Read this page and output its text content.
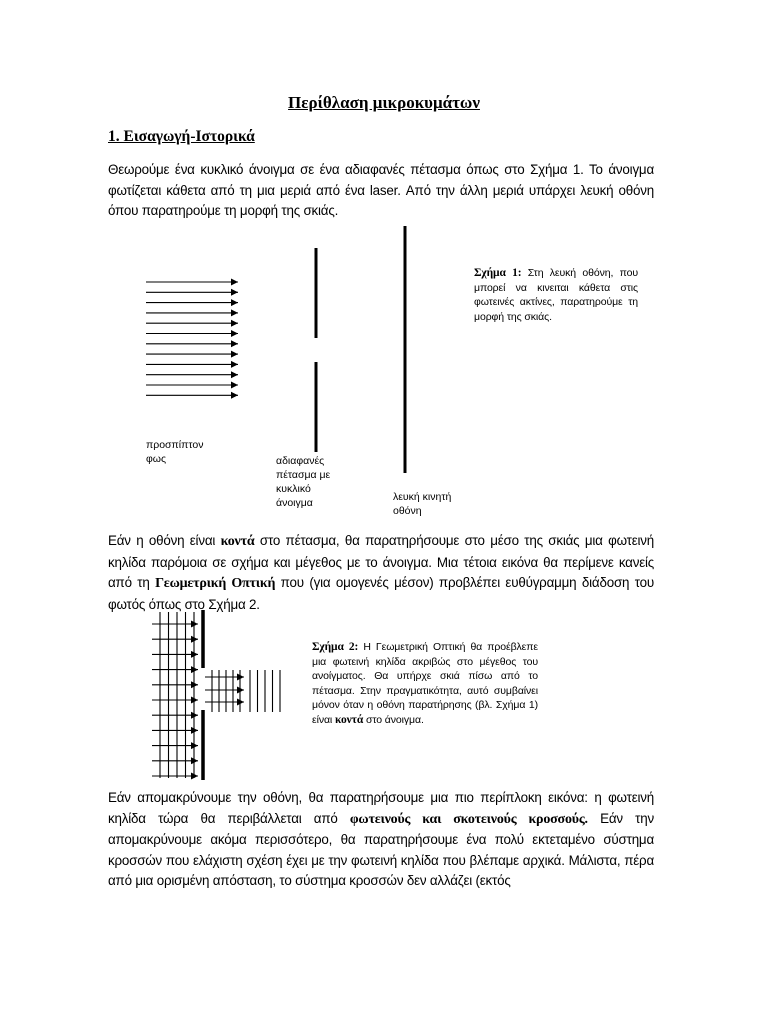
Περίθλαση μικροκυμάτων
1. Εισαγωγή-Ιστορικά
Θεωρούμε ένα κυκλικό άνοιγμα σε ένα αδιαφανές πέτασμα όπως στο Σχήμα 1. Το άνοιγμα φωτίζεται κάθετα από τη μια μεριά από ένα laser. Από την άλλη μεριά υπάρχει λευκή οθόνη όπου παρατηρούμε τη μορφή της σκιάς.
προσπίπτον φως	αδιαφανές πέτασμα με κυκλικό άνοιγμα	λευκή κινητή οθόνη
Σχήμα 1: Στη λευκή οθόνη, που μπορεί να κινειται κάθετα στις φωτεινές ακτίνες, παρατηρούμε τη μορφή της σκιάς.
Εάν η οθόνη είναι κοντά στο πέτασμα, θα παρατηρήσουμε στο μέσο της σκιάς μια φωτεινή κηλίδα παρόμοια σε σχήμα και μέγεθος με το άνοιγμα. Μια τέτοια εικόνα θα περίμενε κανείς από τη Γεωμετρική Οπτική που (για ομογενές μέσον) προβλέπει ευθύγραμμη διάδοση του φωτός όπως στο Σχήμα 2.
Σχήμα 2: Η Γεωμετρική Οπτική θα προέβλεπε μια φωτεινή κηλίδα ακριβώς στο μέγεθος του ανοίγματος. Θα υπήρχε σκιά πίσω από το πέτασμα. Στην πραγματικότητα, αυτό συμβαίνει μόνον όταν η οθόνη παρατήρησης (βλ. Σχήμα 1) είναι κοντά στο άνοιγμα.
Εάν απομακρύνουμε την οθόνη, θα παρατηρήσουμε μια πιο περίπλοκη εικόνα: η φωτεινή κηλίδα τώρα θα περιβάλλεται από φωτεινούς και σκοτεινούς κροσσούς. Εάν την απομακρύνουμε ακόμα περισσότερο, θα παρατηρήσουμε ένα πολύ εκτεταμένο σύστημα κροσσών που ελάχιστη σχέση έχει με την φωτεινή κηλίδα που βλέπαμε αρχικά. Μάλιστα, πέρα από μια ορισμένη απόσταση, το σύστημα κροσσών δεν αλλάζει (εκτός
